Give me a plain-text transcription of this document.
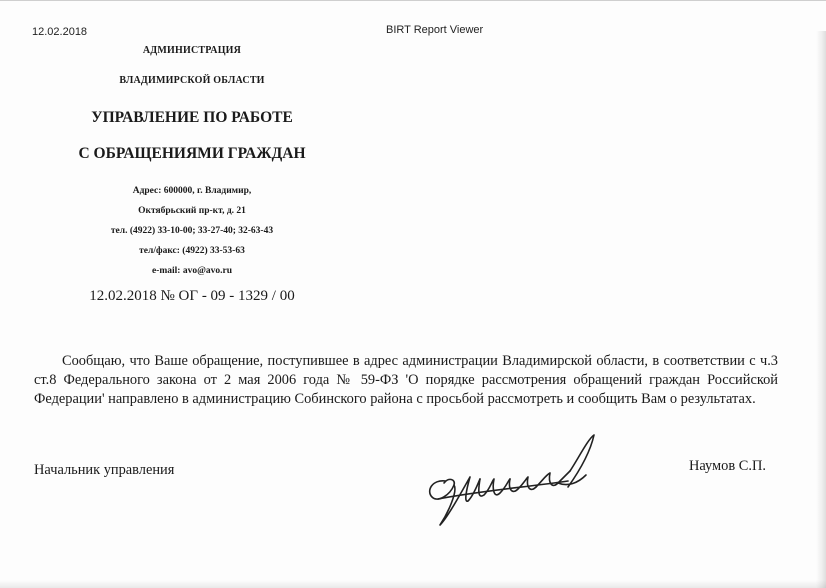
12.02.2018	BIRT Report Viewer
АДМИНИСТРАЦИЯ
ВЛАДИМИРСКОЙ ОБЛАСТИ
УПРАВЛЕНИЕ ПО РАБОТЕ
С ОБРАЩЕНИЯМИ ГРАЖДАН
Адрес: 600000, г. Владимир,
Октябрьский пр-кт, д. 21
тел. (4922) 33-10-00; 33-27-40; 32-63-43
тел/факс: (4922) 33-53-63
e-mail: avo@avo.ru
12.02.2018 № ОГ - 09 - 1329 / 00

Сообщаю, что Ваше обращение, поступившее в адрес администрации Владимирской области, в соответствии с ч.3 ст.8 Федерального закона от 2 мая 2006 года № 59-ФЗ 'О порядке рассмотрения обращений граждан Российской Федерации' направлено в администрацию Собинского района с просьбой рассмотреть и сообщить Вам о результатах.

Начальник управления	Наумов С.П.
